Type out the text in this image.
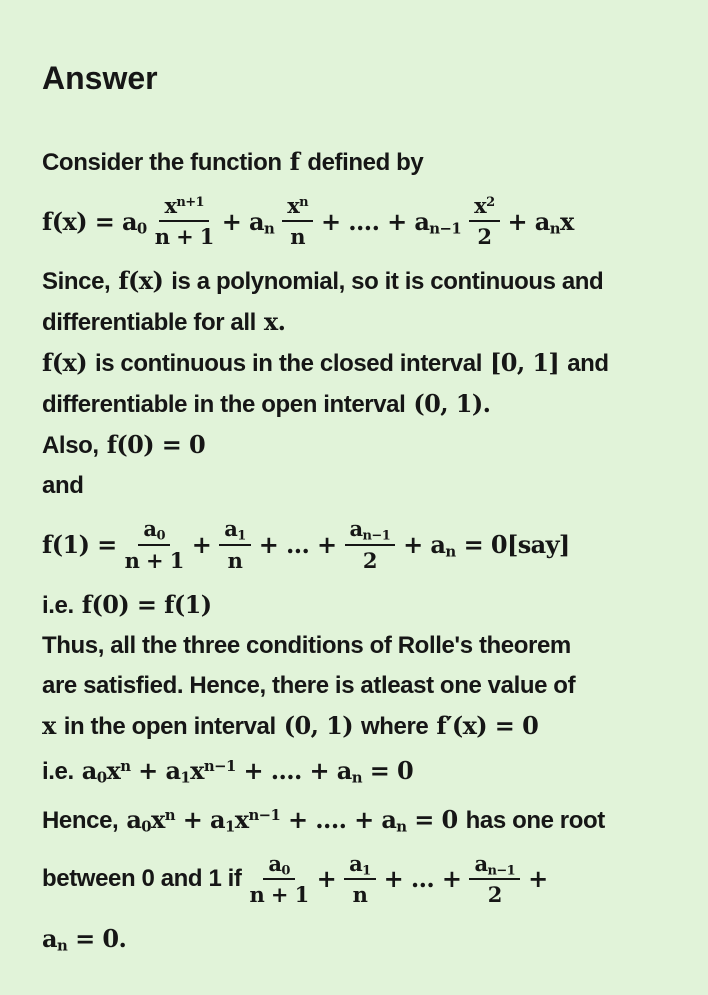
Answer
Consider the function f defined by
$f(x) = a_0 \frac{x^{n+1}}{n + 1} + a_n \frac{x^n}{n}$ + .... + $a_{n-1} \frac{x^2}{2} + a_nx$
Since, f(x) is a polynomial, so it is continuous and
differentiable for all x.
f(x) is continuous in the closed interval [0, 1] and
differentiable in the open interval (0, 1).
Also, f(0) = 0
and
$f(1) = \frac{a_0}{n + 1} + \frac{a_1}{n}$ + ... + $\frac{a_{n-1}}{2} + a_n = 0[say]$
i.e. f(0) = f(1)
Thus, all the three conditions of Rolle's theorem
are satisfied. Hence, there is atleast one value of
x in the open interval (0, 1) where f′(x) = 0
i.e. $a_0x^n + a_1x^{n-1}$ + .... + $a_n = 0$
Hence, $a_0x^n + a_1x^{n-1}$ + .... + $a_n = 0$ has one root
between 0 and 1 if $\frac{a_0}{n + 1} + \frac{a_1}{n}$ + ... + $\frac{a_{n-1}}{2}$ +
$a_n = 0$.
